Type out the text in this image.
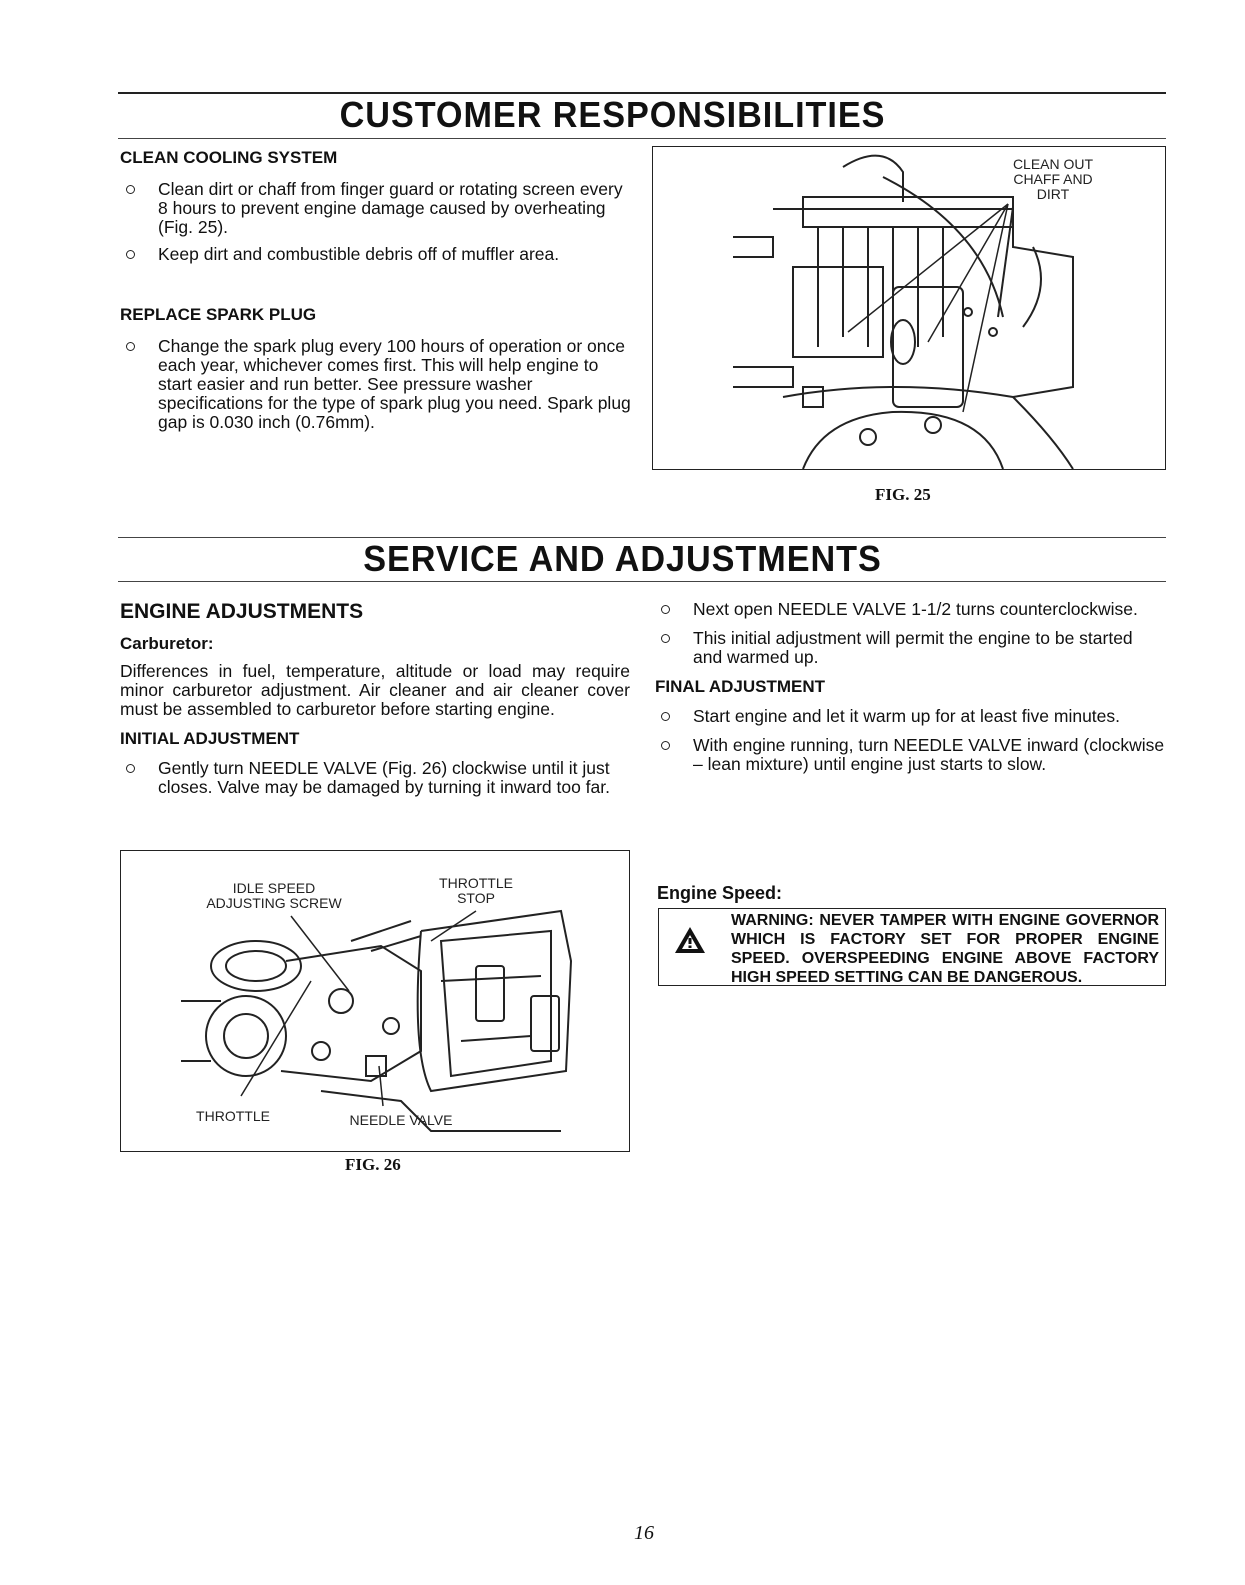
CUSTOMER RESPONSIBILITIES

CLEAN COOLING SYSTEM

Clean dirt or chaff from finger guard or rotating screen every 8 hours to prevent engine damage caused by overheating (Fig. 25).

Keep dirt and combustible debris off of muffler area.

REPLACE SPARK PLUG

Change the spark plug every 100 hours of operation or once each year, whichever comes first. This will help engine to start easier and run better. See pressure washer specifications for the type of spark plug you need. Spark plug gap is 0.030 inch (0.76mm).

CLEAN OUT
CHAFF AND
DIRT
FIG. 25
SERVICE AND ADJUSTMENTS

ENGINE ADJUSTMENTS

Carburetor:

Differences in fuel, temperature, altitude or load may require minor carburetor adjustment. Air cleaner and air cleaner cover must be assembled to carburetor before starting engine.

INITIAL ADJUSTMENT

Gently turn NEEDLE VALVE (Fig. 26) clockwise until it just closes. Valve may be damaged by turning it inward too far.

IDLE SPEED
ADJUSTING SCREW
THROTTLE
STOP
THROTTLE	NEEDLE VALVE
FIG. 26

Next open NEEDLE VALVE 1-1/2 turns counterclockwise.

This initial adjustment will permit the engine to be started and warmed up.

FINAL ADJUSTMENT

Start engine and let it warm up for at least five minutes.

With engine running, turn NEEDLE VALVE inward (clockwise – lean mixture) until engine just starts to slow.

Engine Speed:
WARNING: NEVER TAMPER WITH ENGINE GOVERNOR WHICH IS FACTORY SET FOR PROPER ENGINE SPEED. OVERSPEEDING ENGINE ABOVE FACTORY HIGH SPEED SETTING CAN BE DANGEROUS.
16
